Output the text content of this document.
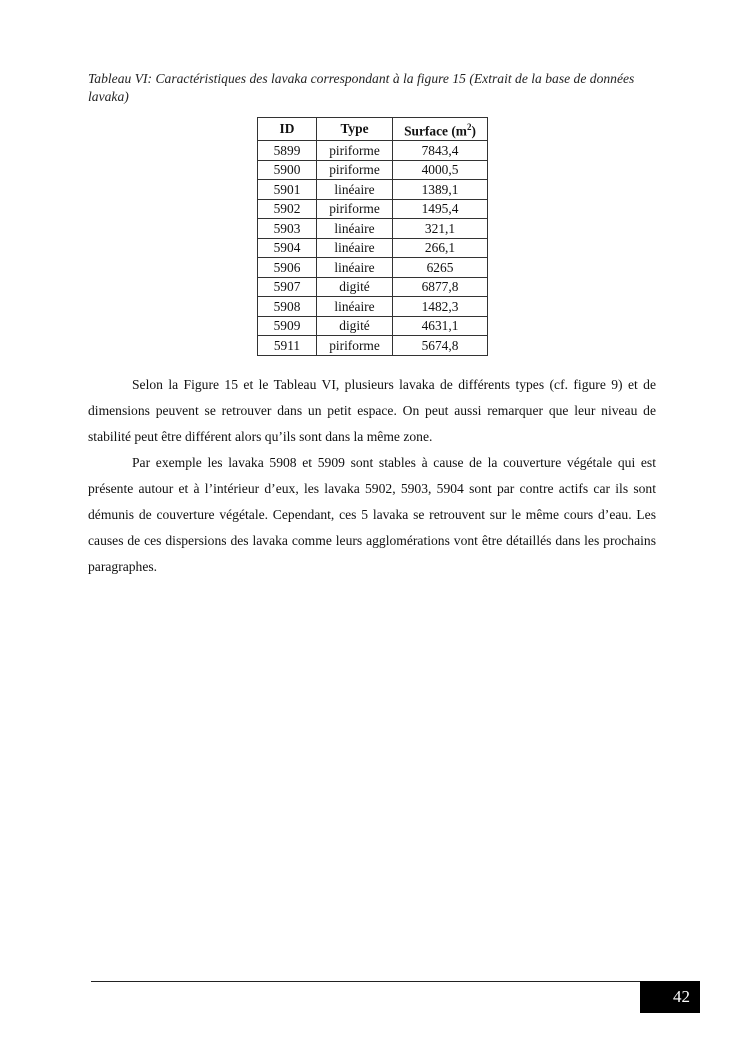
Tableau VI: Caractéristiques des lavaka correspondant à la figure 15 (Extrait de la base de données lavaka)
ID	Type	Surface $(m^2)$
5899	piriforme	7843,4
5900	piriforme	4000,5
5901	linéaire	1389,1
5902	piriforme	1495,4
5903	linéaire	321,1
5904	linéaire	266,1
5906	linéaire	6265
5907	digité	6877,8
5908	linéaire	1482,3
5909	digité	4631,1
5911	piriforme	5674,8

Selon la Figure 15 et le Tableau VI, plusieurs lavaka de différents types (cf. figure 9) et de dimensions peuvent se retrouver dans un petit espace. On peut aussi remarquer que leur niveau de stabilité peut être différent alors qu’ils sont dans la même zone.

Par exemple les lavaka 5908 et 5909 sont stables à cause de la couverture végétale qui est présente autour et à l’intérieur d’eux, les lavaka 5902, 5903, 5904 sont par contre actifs car ils sont démunis de couverture végétale. Cependant, ces 5 lavaka se retrouvent sur le même cours d’eau. Les causes de ces dispersions des lavaka comme leurs agglomérations vont être détaillés dans les prochains paragraphes.

42
